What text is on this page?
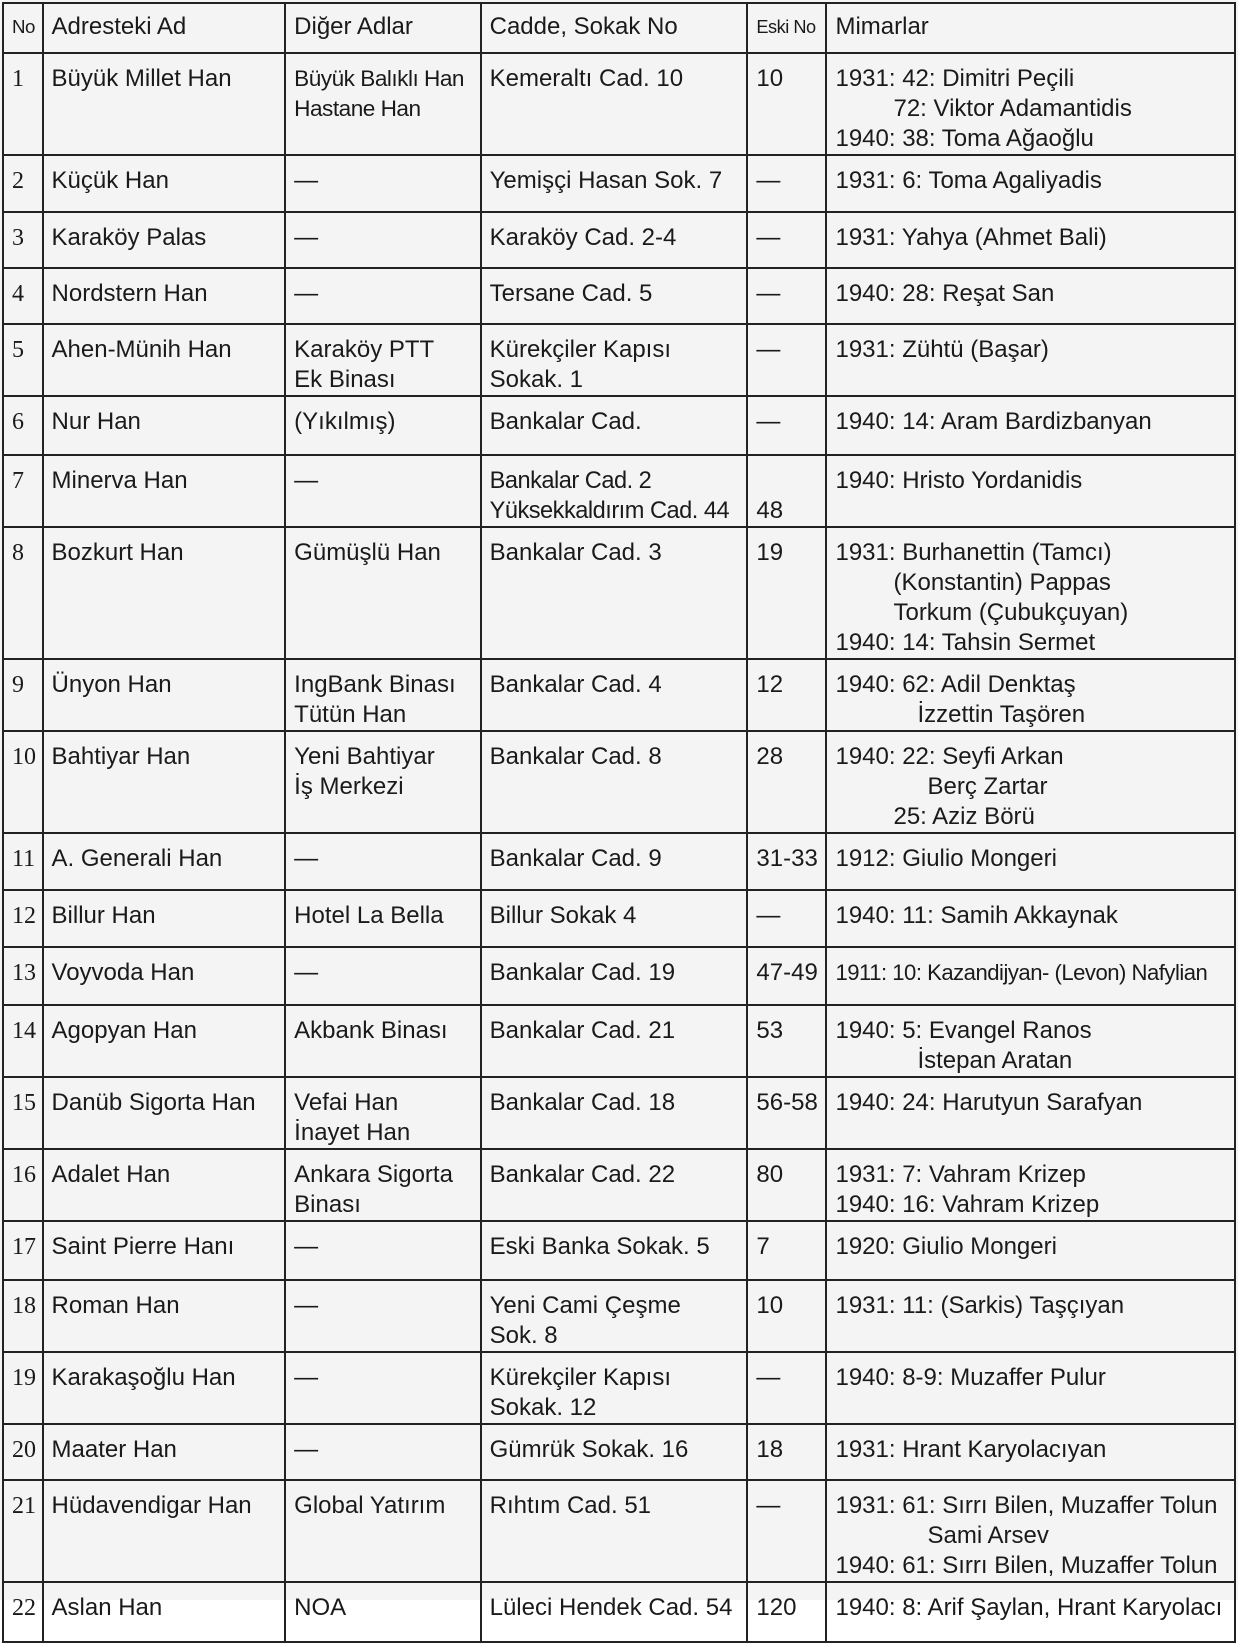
No	Adresteki Ad	Diğer Adlar	Cadde, Sokak No	Eski No	Mimarlar
1	Büyük Millet Han	Büyük Balıklı Han
Hastane Han	Kemeraltı Cad. 10	10	1931: 42: Dimitri Peçili
72: Viktor Adamantidis
1940: 38: Toma Ağaoğlu

2	Küçük Han	—	Yemişçi Hasan Sok. 7	—	1931: 6: Toma Agaliyadis

3	Karaköy Palas	—	Karaköy Cad. 2-4	—	1931: Yahya (Ahmet Bali)

4	Nordstern Han	—	Tersane Cad. 5	—	1940: 28: Reşat San

5	Ahen-Münih Han	Karaköy PTT
Ek Binası	Kürekçiler Kapısı
Sokak. 1	—	1931: Zühtü (Başar)

6	Nur Han	(Yıkılmış)	Bankalar Cad.	—	1940: 14: Aram Bardizbanyan

7	Minerva Han	—	Bankalar Cad. 2
Yüksekkaldırım Cad. 44	48	1940: Hristo Yordanidis

8	Bozkurt Han	Gümüşlü Han	Bankalar Cad. 3	19	1931: Burhanettin (Tamcı)
(Konstantin) Pappas
Torkum (Çubukçuyan)
1940: 14: Tahsin Sermet

9	Ünyon Han	IngBank Binası
Tütün Han	Bankalar Cad. 4	12	1940: 62: Adil Denktaş
İzzettin Taşören

10	Bahtiyar Han	Yeni Bahtiyar
İş Merkezi	Bankalar Cad. 8	28	1940: 22: Seyfi Arkan
Berç Zartar
25: Aziz Börü

11	A. Generali Han	—	Bankalar Cad. 9	31-33	1912: Giulio Mongeri

12	Billur Han	Hotel La Bella	Billur Sokak 4	—	1940: 11: Samih Akkaynak

13	Voyvoda Han	—	Bankalar Cad. 19	47-49	1911: 10: Kazandijyan- (Levon) Nafylian

14	Agopyan Han	Akbank Binası	Bankalar Cad. 21	53	1940: 5: Evangel Ranos
İstepan Aratan

15	Danüb Sigorta Han	Vefai Han
İnayet Han	Bankalar Cad. 18	56-58	1940: 24: Harutyun Sarafyan

16	Adalet Han	Ankara Sigorta
Binası	Bankalar Cad. 22	80	1931: 7: Vahram Krizep
1940: 16: Vahram Krizep

17	Saint Pierre Hanı	—	Eski Banka Sokak. 5	7	1920: Giulio Mongeri

18	Roman Han	—	Yeni Cami Çeşme
Sok. 8	10	1931: 11: (Sarkis) Taşçıyan

19	Karakaşoğlu Han	—	Kürekçiler Kapısı
Sokak. 12	—	1940: 8-9: Muzaffer Pulur

20	Maater Han	—	Gümrük Sokak. 16	18	1931: Hrant Karyolacıyan

21	Hüdavendigar Han	Global Yatırım	Rıhtım Cad. 51	—	1931: 61: Sırrı Bilen, Muzaffer Tolun
Sami Arsev
1940: 61: Sırrı Bilen, Muzaffer Tolun

22	Aslan Han	NOA	Lüleci Hendek Cad. 54	120	1940: 8: Arif Şaylan, Hrant Karyolacı
